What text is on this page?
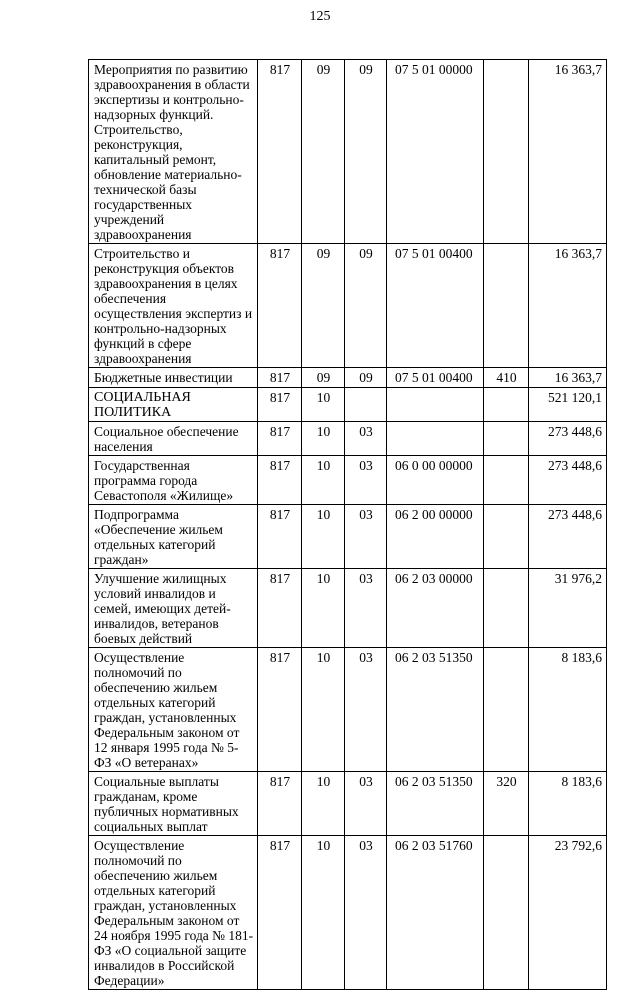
125
Мероприятия по развитию здравоохранения в области экспертизы и контрольно-надзорных функций. Строительство, реконструкция, капитальный ремонт, обновление материально-технической базы государственных учреждений здравоохранения	817	09	09	07 5 01 00000		16 363,7
Строительство и реконструкция объектов здравоохранения в целях обеспечения осуществления экспертиз и контрольно-надзорных функций в сфере здравоохранения	817	09	09	07 5 01 00400		16 363,7
Бюджетные инвестиции	817	09	09	07 5 01 00400	410	16 363,7
СОЦИАЛЬНАЯ ПОЛИТИКА	817	10				521 120,1
Социальное обеспечение населения	817	10	03			273 448,6
Государственная программа города Севастополя «Жилище»	817	10	03	06 0 00 00000		273 448,6
Подпрограмма «Обеспечение жильем отдельных категорий граждан»	817	10	03	06 2 00 00000		273 448,6
Улучшение жилищных условий инвалидов и семей, имеющих детей-инвалидов, ветеранов боевых действий	817	10	03	06 2 03 00000		31 976,2
Осуществление полномочий по обеспечению жильем отдельных категорий граждан, установленных Федеральным законом от 12 января 1995 года № 5-ФЗ «О ветеранах»	817	10	03	06 2 03 51350		8 183,6
Социальные выплаты гражданам, кроме публичных нормативных социальных выплат	817	10	03	06 2 03 51350	320	8 183,6
Осуществление полномочий по обеспечению жильем отдельных категорий граждан, установленных Федеральным законом от 24 ноября 1995 года № 181-ФЗ «О социальной защите инвалидов в Российской Федерации»	817	10	03	06 2 03 51760		23 792,6
